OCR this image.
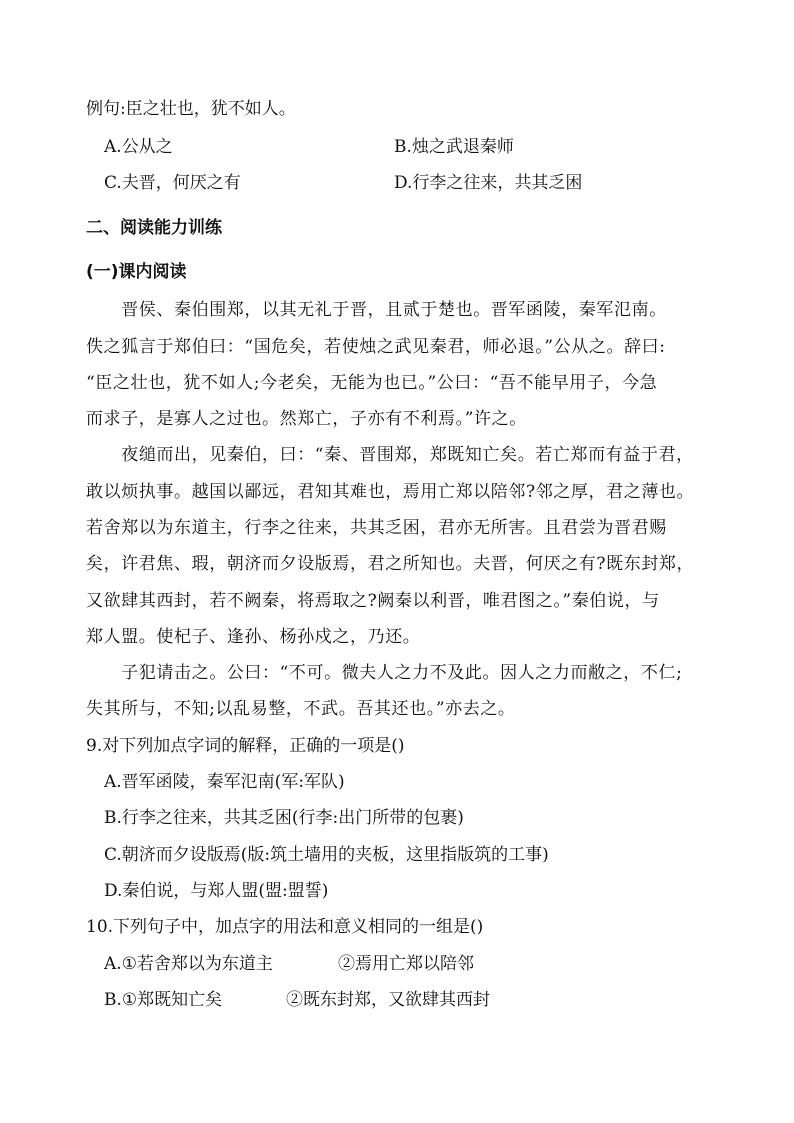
例句:臣之壮也，犹不如人。
A.公从之	B.烛之武退秦师
C.夫晋，何厌之有	D.行李之往来，共其乏困
二、阅读能力训练
(一)课内阅读
　　晋侯、秦伯围郑，以其无礼于晋，且贰于楚也。晋军函陵，秦军氾南。
佚之狐言于郑伯曰：“国危矣，若使烛之武见秦君，师必退。”公从之。辞曰:
“臣之壮也，犹不如人;今老矣，无能为也已。”公曰：“吾不能早用子，今急
而求子，是寡人之过也。然郑亡，子亦有不利焉。”许之。
　　夜缒而出，见秦伯，曰：“秦、晋围郑，郑既知亡矣。若亡郑而有益于君，
敢以烦执事。越国以鄙远，君知其难也，焉用亡郑以陪邻?邻之厚，君之薄也。
若舍郑以为东道主，行李之往来，共其乏困，君亦无所害。且君尝为晋君赐
矣，许君焦、瑕，朝济而夕设版焉，君之所知也。夫晋，何厌之有?既东封郑，
又欲肆其西封，若不阙秦，将焉取之?阙秦以利晋，唯君图之。”秦伯说，与
郑人盟。使杞子、逢孙、杨孙戍之，乃还。
　　子犯请击之。公曰：“不可。微夫人之力不及此。因人之力而敝之，不仁;
失其所与，不知;以乱易整，不武。吾其还也。”亦去之。
9.对下列加点字词的解释，正确的一项是()
A.晋军函陵，秦军氾南(军:军队)
B.行李之往来，共其乏困(行李:出门所带的包裹)
C.朝济而夕设版焉(版:筑土墙用的夹板，这里指版筑的工事)
D.秦伯说，与郑人盟(盟:盟誓)
10.下列句子中，加点字的用法和意义相同的一组是()
A.①若舍郑以为东道主	②焉用亡郑以陪邻
B.①郑既知亡矣	②既东封郑，又欲肆其西封
